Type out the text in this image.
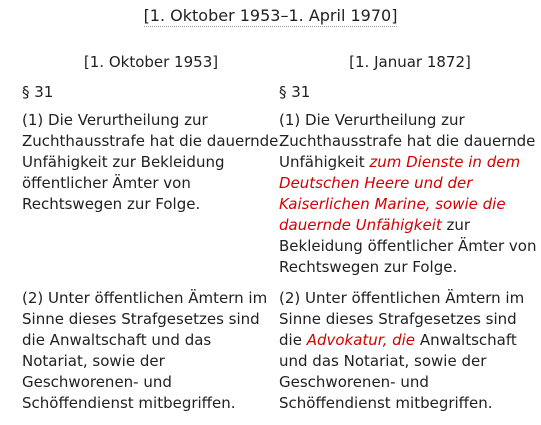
[1. Oktober 1953–1. April 1970]
[1. Oktober 1953]
§ 31
(1) Die Verurtheilung zur
Zuchthausstrafe hat die dauernde
Unfähigkeit zur Bekleidung
öffentlicher Ämter von
Rechtswegen zur Folge.
(2) Unter öffentlichen Ämtern im
Sinne dieses Strafgesetzes sind
die Anwaltschaft und das
Notariat, sowie der
Geschworenen- und
Schöffendienst mitbegriffen.
[1. Januar 1872]
§ 31
(1) Die Verurtheilung zur
Zuchthausstrafe hat die dauernde
Unfähigkeit zum Dienste in dem
Deutschen Heere und der
Kaiserlichen Marine, sowie die
dauernde Unfähigkeit zur
Bekleidung öffentlicher Ämter von
Rechtswegen zur Folge.
(2) Unter öffentlichen Ämtern im
Sinne dieses Strafgesetzes sind
die Advokatur, die Anwaltschaft
und das Notariat, sowie der
Geschworenen- und
Schöffendienst mitbegriffen.
